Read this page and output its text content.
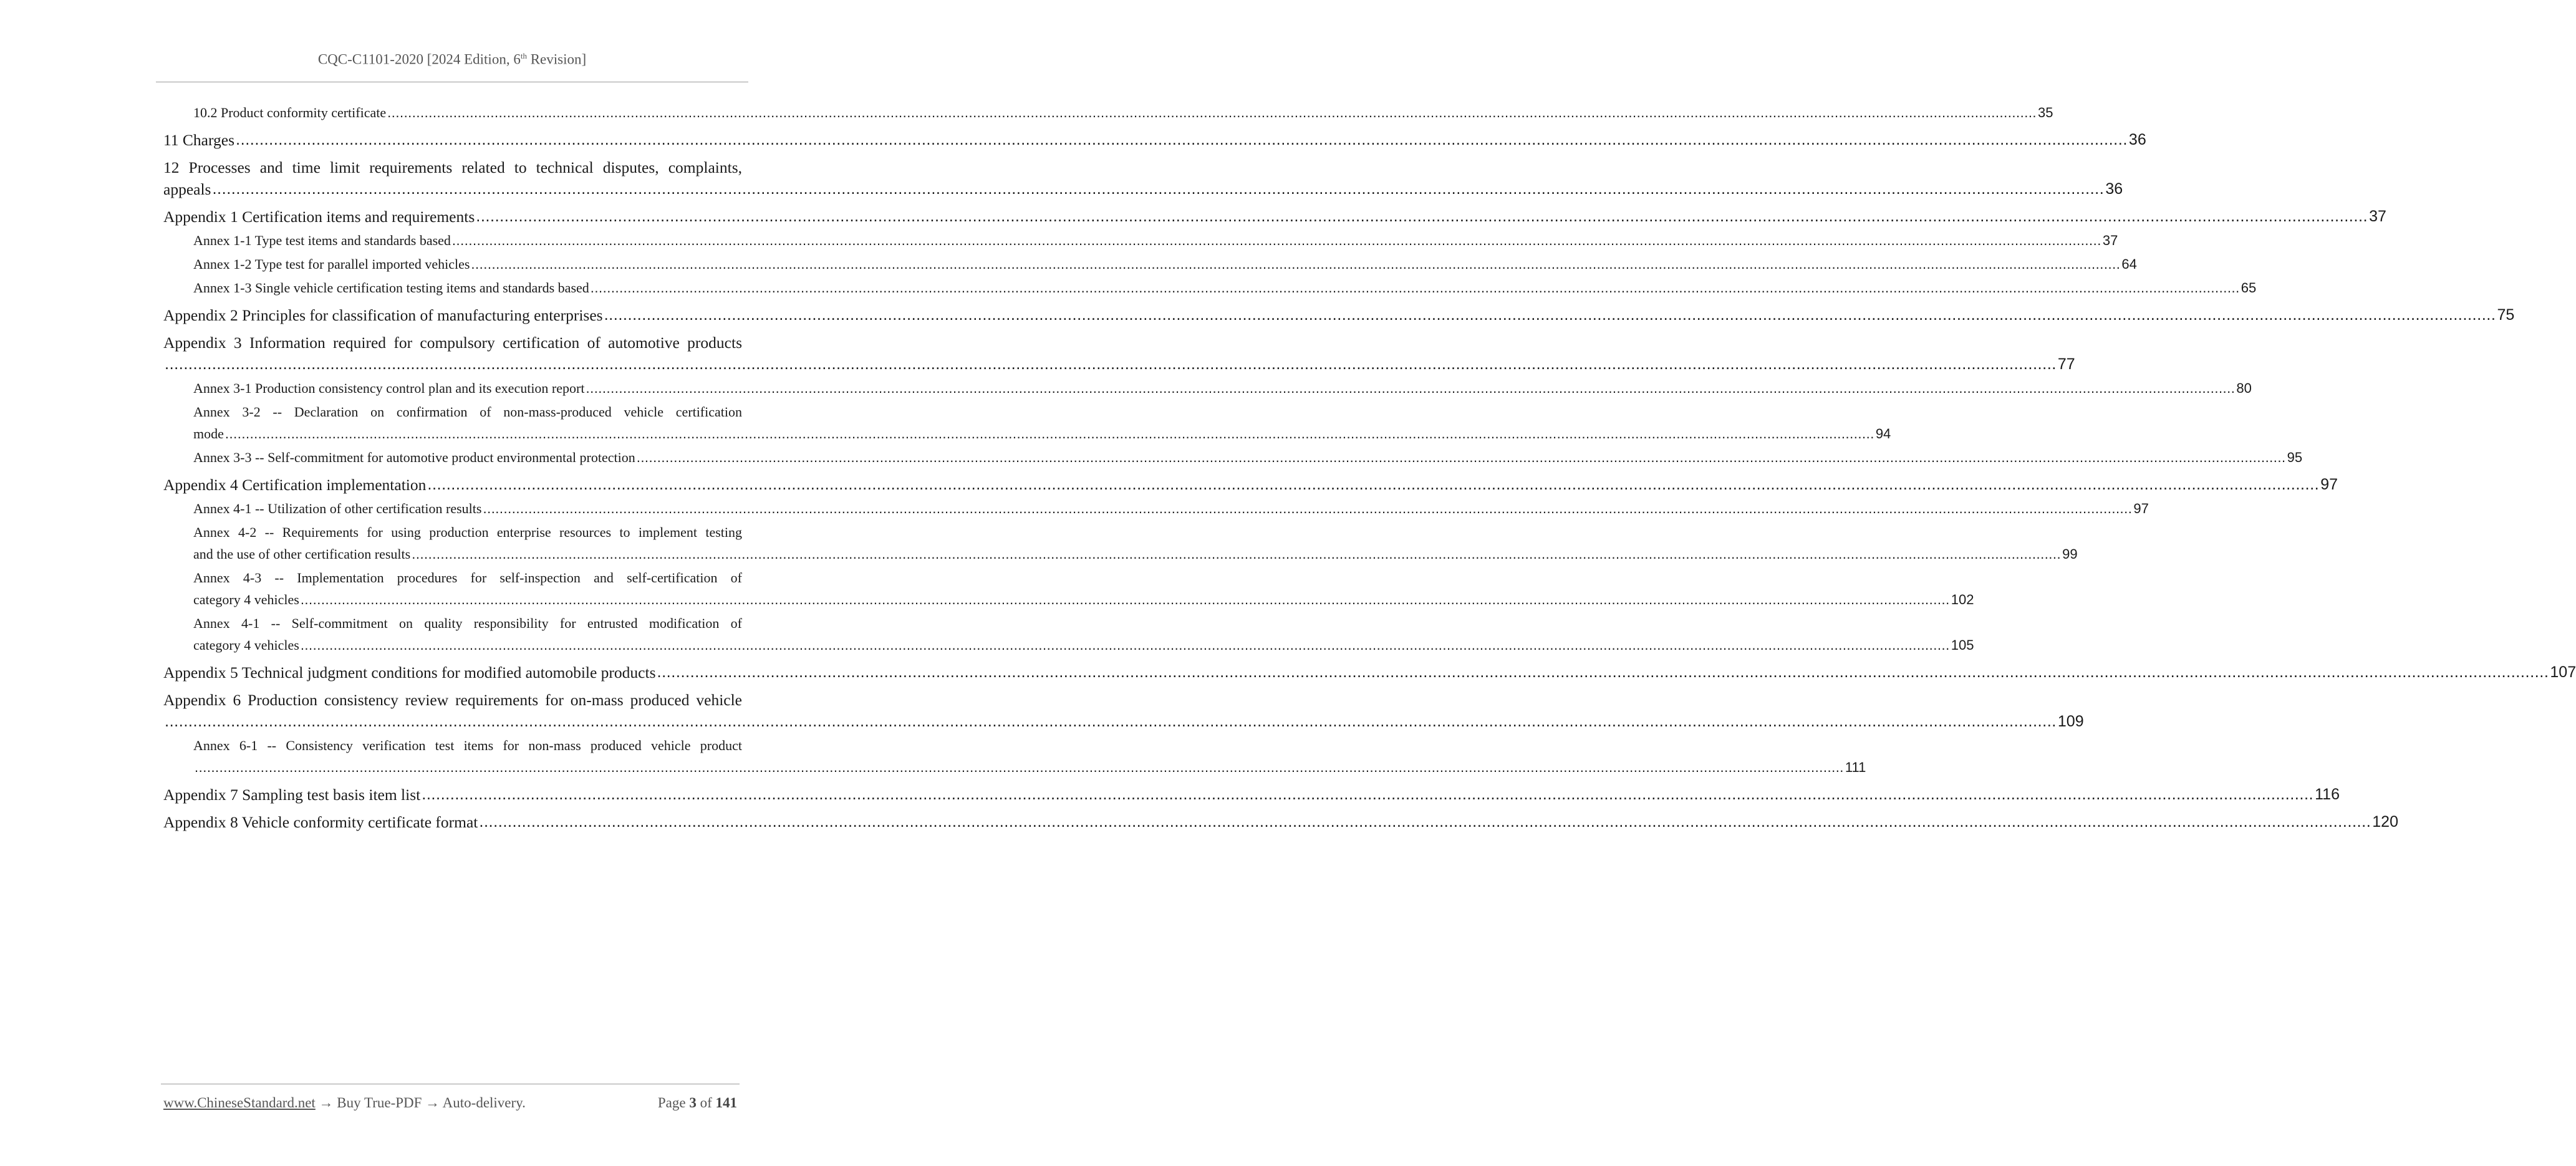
CQC-C1101-2020 [2024 Edition, 6th Revision]
10.2 Product conformity certificate ................................................................................................................................................................................................................................................................................................................................................................................................................ 35
11 Charges ................................................................................................................................................................................................................................................................................................................................................................................................................ 36
12 Processes and time limit requirements related to technical disputes, complaints,
appeals ................................................................................................................................................................................................................................................................................................................................................................................................................ 36
Appendix 1 Certification items and requirements ................................................................................................................................................................................................................................................................................................................................................................................................................ 37
Annex 1-1 Type test items and standards based ................................................................................................................................................................................................................................................................................................................................................................................................................ 37
Annex 1-2 Type test for parallel imported vehicles ................................................................................................................................................................................................................................................................................................................................................................................................................ 64
Annex 1-3 Single vehicle certification testing items and standards based ................................................................................................................................................................................................................................................................................................................................................................................................................ 65
Appendix 2 Principles for classification of manufacturing enterprises ................................................................................................................................................................................................................................................................................................................................................................................................................ 75
Appendix 3 Information required for compulsory certification of automotive products
................................................................................................................................................................................................................................................................................................................................................................................................................ 77
Annex 3-1 Production consistency control plan and its execution report ................................................................................................................................................................................................................................................................................................................................................................................................................ 80
Annex 3-2 -- Declaration on confirmation of non-mass-produced vehicle certification
mode ................................................................................................................................................................................................................................................................................................................................................................................................................ 94
Annex 3-3 -- Self-commitment for automotive product environmental protection ................................................................................................................................................................................................................................................................................................................................................................................................................ 95
Appendix 4 Certification implementation ................................................................................................................................................................................................................................................................................................................................................................................................................ 97
Annex 4-1 -- Utilization of other certification results ................................................................................................................................................................................................................................................................................................................................................................................................................ 97
Annex 4-2 -- Requirements for using production enterprise resources to implement testing
and the use of other certification results ................................................................................................................................................................................................................................................................................................................................................................................................................ 99
Annex 4-3 -- Implementation procedures for self-inspection and self-certification of
category 4 vehicles ................................................................................................................................................................................................................................................................................................................................................................................................................ 102
Annex 4-1 -- Self-commitment on quality responsibility for entrusted modification of
category 4 vehicles ................................................................................................................................................................................................................................................................................................................................................................................................................ 105
Appendix 5 Technical judgment conditions for modified automobile products ................................................................................................................................................................................................................................................................................................................................................................................................................ 107
Appendix 6 Production consistency review requirements for on-mass produced vehicle
................................................................................................................................................................................................................................................................................................................................................................................................................ 109
Annex 6-1 -- Consistency verification test items for non-mass produced vehicle product
................................................................................................................................................................................................................................................................................................................................................................................................................ 111
Appendix 7 Sampling test basis item list ................................................................................................................................................................................................................................................................................................................................................................................................................ 116
Appendix 8 Vehicle conformity certificate format ................................................................................................................................................................................................................................................................................................................................................................................................................ 120
www.ChineseStandard.net → Buy True-PDF → Auto-delivery.	Page 3 of 141
